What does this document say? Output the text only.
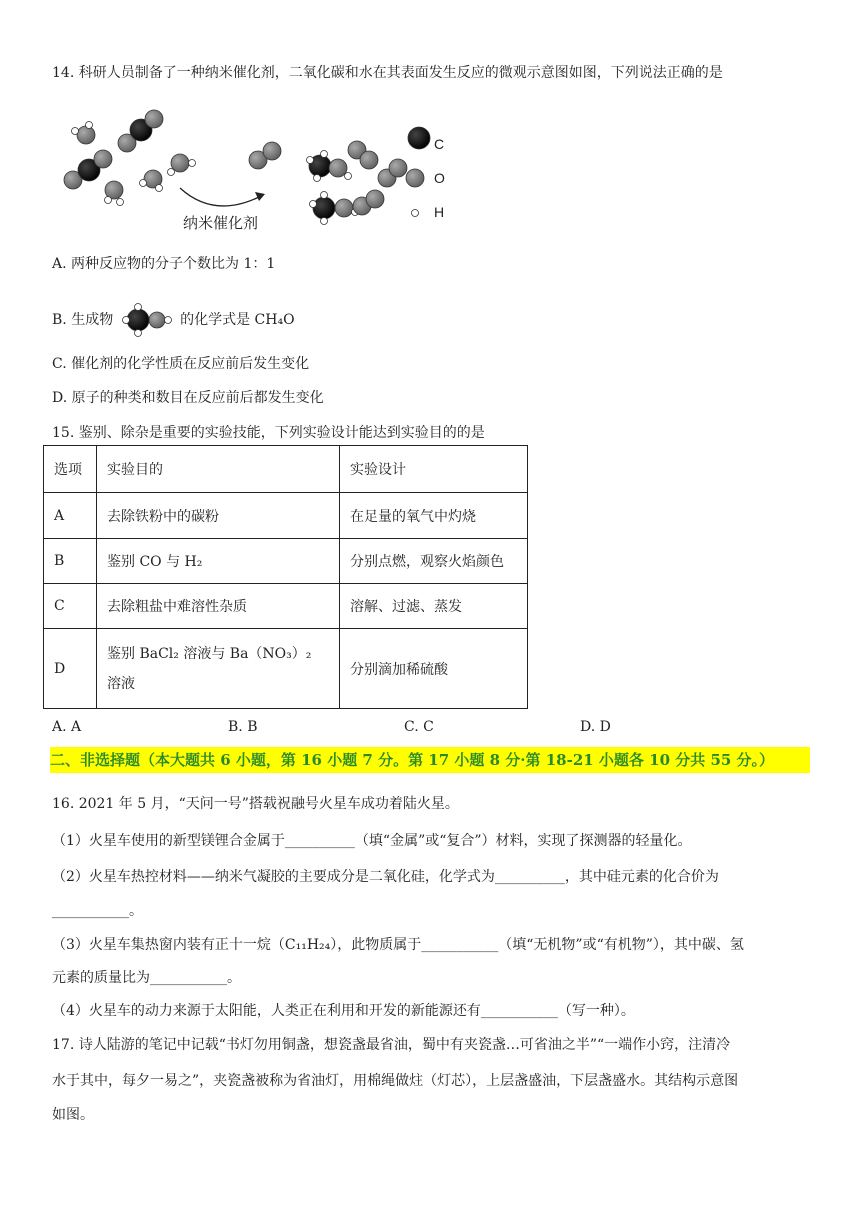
14. 科研人员制备了一种纳米催化剂，二氧化碳和水在其表面发生反应的微观示意图如图，下列说法正确的是
纳米催化剂
C
O
H
A. 两种反应物的分子个数比为 1：1
B. 生成物	的化学式是 CH₄O
C. 催化剂的化学性质在反应前后发生变化
D. 原子的种类和数目在反应前后都发生变化
15. 鉴别、除杂是重要的实验技能，下列实验设计能达到实验目的的是
选项	实验目的	实验设计
A	去除铁粉中的碳粉	在足量的氧气中灼烧
B	鉴别 CO 与 H₂	分别点燃，观察火焰颜色
C	去除粗盐中难溶性杂质	溶解、过滤、蒸发
D	鉴别 BaCl₂ 溶液与 Ba（NO₃）₂ 溶液	分别滴加稀硫酸
A. A	B. B	C. C	D. D
二、非选择题（本大题共 6 小题，第 16 小题 7 分。第 17 小题 8 分·第 18-21 小题各 10 分共 55 分。）
16. 2021 年 5 月，“天问一号”搭载祝融号火星车成功着陆火星。
（1）火星车使用的新型镁锂合金属于__________（填“金属”或“复合”）材料，实现了探测器的轻量化。
（2）火星车热控材料——纳米气凝胶的主要成分是二氧化硅，化学式为__________，其中硅元素的化合价为
___________。
（3）火星车集热窗内装有正十一烷（C₁₁H₂₄），此物质属于___________（填“无机物”或“有机物”），其中碳、氢
元素的质量比为___________。
（4）火星车的动力来源于太阳能，人类正在利用和开发的新能源还有___________（写一种）。
17. 诗人陆游的笔记中记载“书灯勿用铜盏，想瓷盏最省油，蜀中有夹瓷盏…可省油之半”“一端作小窍，注清冷
水于其中，每夕一易之”，夹瓷盏被称为省油灯，用棉绳做炷（灯芯），上层盏盛油，下层盏盛水。其结构示意图
如图。
